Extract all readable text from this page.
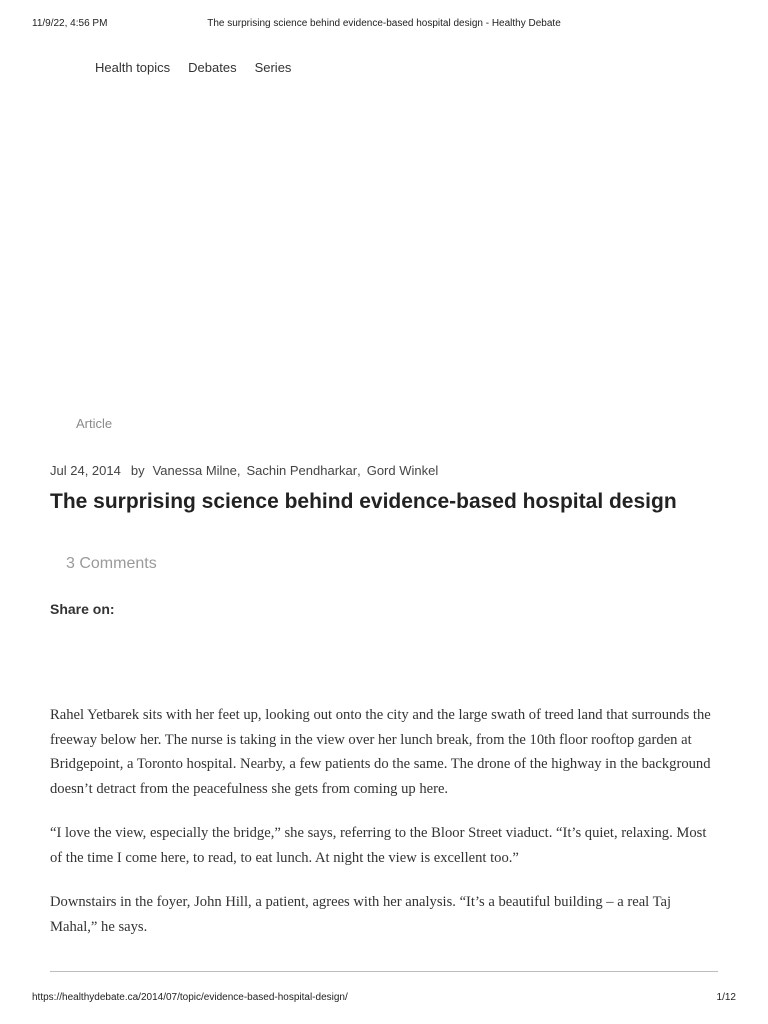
11/9/22, 4:56 PM	The surprising science behind evidence-based hospital design - Healthy Debate
Health topics Debates Series
Article
Jul 24, 2014 by Vanessa Milne , Sachin Pendharkar , Gord Winkel
The surprising science behind evidence-based hospital design
3 Comments
Share on:

Rahel Yetbarek sits with her feet up, looking out onto the city and the large swath of treed land that surrounds the freeway below her. The nurse is taking in the view over her lunch break, from the 10th floor rooftop garden at Bridgepoint, a Toronto hospital. Nearby, a few patients do the same. The drone of the highway in the background doesn’t detract from the peacefulness she gets from coming up here.

“I love the view, especially the bridge,” she says, referring to the Bloor Street viaduct. “It’s quiet, relaxing. Most of the time I come here, to read, to eat lunch. At night the view is excellent too.”

Downstairs in the foyer, John Hill, a patient, agrees with her analysis. “It’s a beautiful building – a real Taj Mahal,” he says.

https://healthydebate.ca/2014/07/topic/evidence-based-hospital-design/	1/12
